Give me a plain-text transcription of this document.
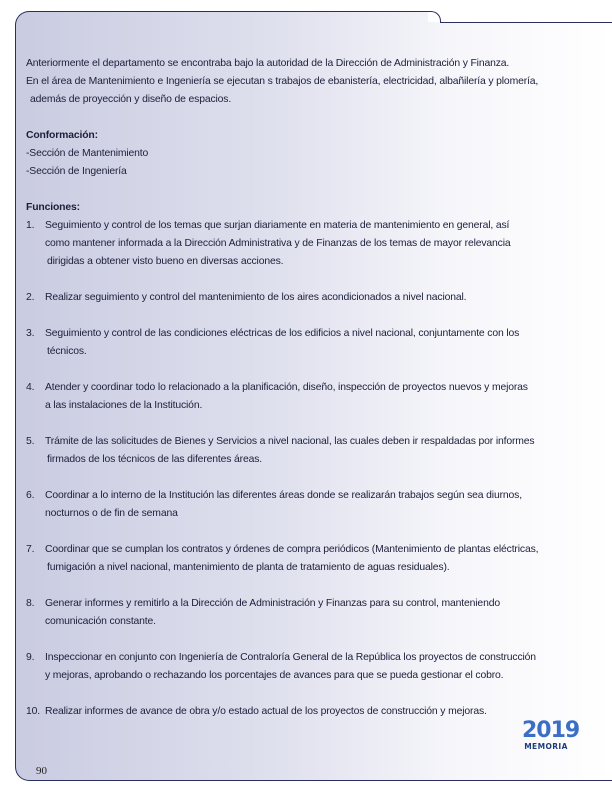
Anteriormente el departamento se encontraba bajo la autoridad de la Dirección de Administración y Finanza.

En el área de Mantenimiento e Ingeniería se ejecutan s trabajos de ebanistería, electricidad, albañilería y plomería,

además de proyección y diseño de espacios.

Conformación:

-Sección de Mantenimiento

-Sección de Ingeniería

Funciones:

1.	Seguimiento y control de los temas que surjan diariamente en materia de mantenimiento en general, así

como mantener informada a la Dirección Administrativa y de Finanzas de los temas de mayor relevancia

dirigidas a obtener visto bueno en diversas acciones.

2.	Realizar seguimiento y control del mantenimiento de los aires acondicionados a nivel nacional.

3.	Seguimiento y control de las condiciones eléctricas de los edificios a nivel nacional, conjuntamente con los

técnicos.

4.	Atender y coordinar todo lo relacionado a la planificación, diseño, inspección de proyectos nuevos y mejoras

a las instalaciones de la Institución.

5.	Trámite de las solicitudes de Bienes y Servicios a nivel nacional, las cuales deben ir respaldadas por informes

firmados de los técnicos de las diferentes áreas.

6.	Coordinar a lo interno de la Institución las diferentes áreas donde se realizarán trabajos según sea diurnos,

nocturnos o de fin de semana

7.	Coordinar que se cumplan los contratos y órdenes de compra periódicos (Mantenimiento de plantas eléctricas,

fumigación a nivel nacional, mantenimiento de planta de tratamiento de aguas residuales).

8.	Generar informes y remitirlo a la Dirección de Administración y Finanzas para su control, manteniendo

comunicación constante.

9.	Inspeccionar en conjunto con Ingeniería de Contraloría General de la República los proyectos de construcción

y mejoras, aprobando o rechazando los porcentajes de avances para que se pueda gestionar el cobro.

10. Realizar informes de avance de obra y/o estado actual de los proyectos de construcción y mejoras.

2019
MEMORIA
90
